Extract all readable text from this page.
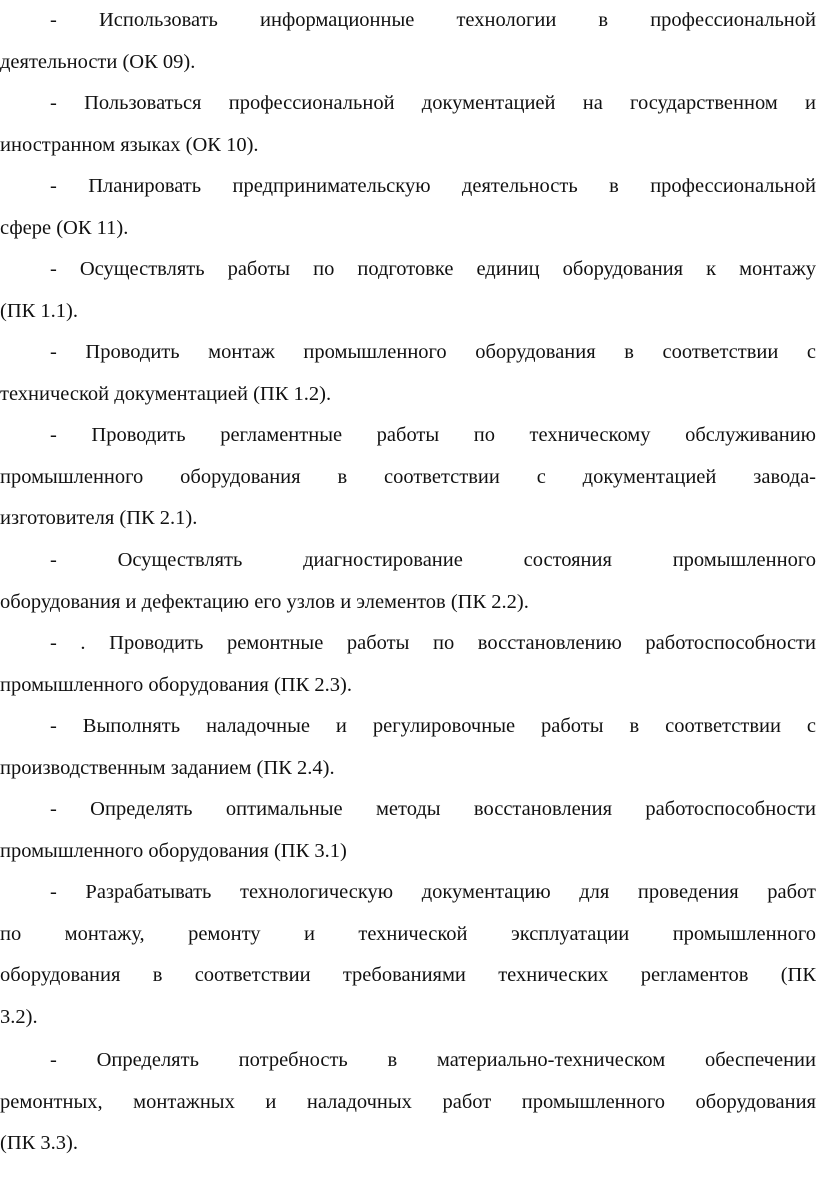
- Использовать информационные технологии в профессиональной
деятельности (ОК 09).

- Пользоваться профессиональной документацией на государственном и
иностранном языках (ОК 10).

- Планировать предпринимательскую деятельность в профессиональной
сфере (ОК 11).

- Осуществлять работы по подготовке единиц оборудования к монтажу
(ПК 1.1).

- Проводить монтаж промышленного оборудования в соответствии с
технической документацией (ПК 1.2).

- Проводить регламентные работы по техническому обслуживанию
промышленного оборудования в соответствии с документацией завода-
изготовителя (ПК 2.1).

- Осуществлять диагностирование состояния промышленного
оборудования и дефектацию его узлов и элементов (ПК 2.2).

- . Проводить ремонтные работы по восстановлению работоспособности
промышленного оборудования (ПК 2.3).

- Выполнять наладочные и регулировочные работы в соответствии с
производственным заданием (ПК 2.4).

- Определять оптимальные методы восстановления работоспособности
промышленного оборудования (ПК 3.1)

- Разрабатывать технологическую документацию для проведения работ
по монтажу, ремонту и технической эксплуатации промышленного
оборудования в соответствии требованиями технических регламентов (ПК
3.2).

- Определять потребность в материально-техническом обеспечении
ремонтных, монтажных и наладочных работ промышленного оборудования
(ПК 3.3).
